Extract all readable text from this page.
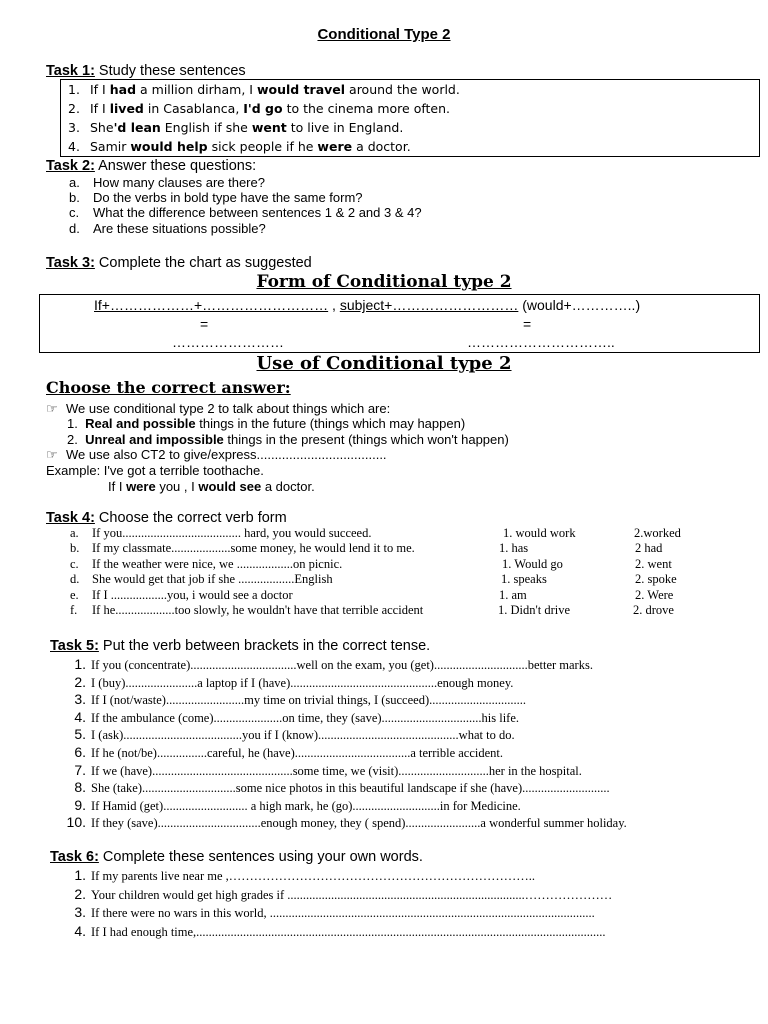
Conditional Type 2
Task 1: Study these sentences
1. If I had a million dirham, I would travel around the world.
2. If I lived in Casablanca, I'd go to the cinema more often.
3. She'd lean English if she went to live in England.
4. Samir would help sick people if he were a doctor.
Task 2: Answer these questions:
a. How many clauses are there?
b. Do the verbs in bold type have the same form?
c. What the difference between sentences 1 & 2 and 3 & 4?
d. Are these situations possible?
Task 3: Complete the chart as suggested
Form of Conditional type 2
If+………………+……………………… , subject+……………………… (would+…………..)
=	=
……………………	…………………………..
Use of Conditional type 2
Choose the correct answer:
☞ We use conditional type 2 to talk about things which are:
1. Real and possible things in the future (things which may happen)
2. Unreal and impossible things in the present (things which won't happen)
☞ We use also CT2 to give/express....................................
Example: I've got a terrible toothache.
If I were you , I would see a doctor.
Task 4: Choose the correct verb form
a. If you...................................... hard, you would succeed.	1. would work	2.worked
b. If my classmate...................some money, he would lend it to me.	1. has	2 had
c. If the weather were nice, we ..................on picnic.	1. Would go	2. went
d. She would get that job if she ..................English	1. speaks	2. spoke
e. If I ..................you, i would see a doctor	1. am	2. Were
f. If he...................too slowly, he wouldn't have that terrible accident	1. Didn't drive	2. drove
Task 5: Put the verb between brackets in the correct tense.
1. If you (concentrate)..................................well on the exam, you (get)..............................better marks.
2. I (buy).......................a laptop if I (have)...............................................enough money.
3. If I (not/waste).........................my time on trivial things, I (succeed)...............................
4. If the ambulance (come)......................on time, they (save)................................his life.
5. I (ask)......................................you if I (know).............................................what to do.
6. If he (not/be)................careful, he (have).....................................a terrible accident.
7. If we (have).............................................some time, we (visit).............................her in the hospital.
8. She (take)..............................some nice photos in this beautiful landscape if she (have)............................
9. If Hamid (get)........................... a high mark, he (go)............................in for Medicine.
10. If they (save).................................enough money, they ( spend)........................a wonderful summer holiday.
Task 6: Complete these sentences using your own words.
1. If my parents live near me ,………………………………………………………………..
2. Your children would get high grades if ............................................................................…………………
3. If there were no wars in this world, ........................................................................................................
4. If I had enough time,...................................................................................................................................
